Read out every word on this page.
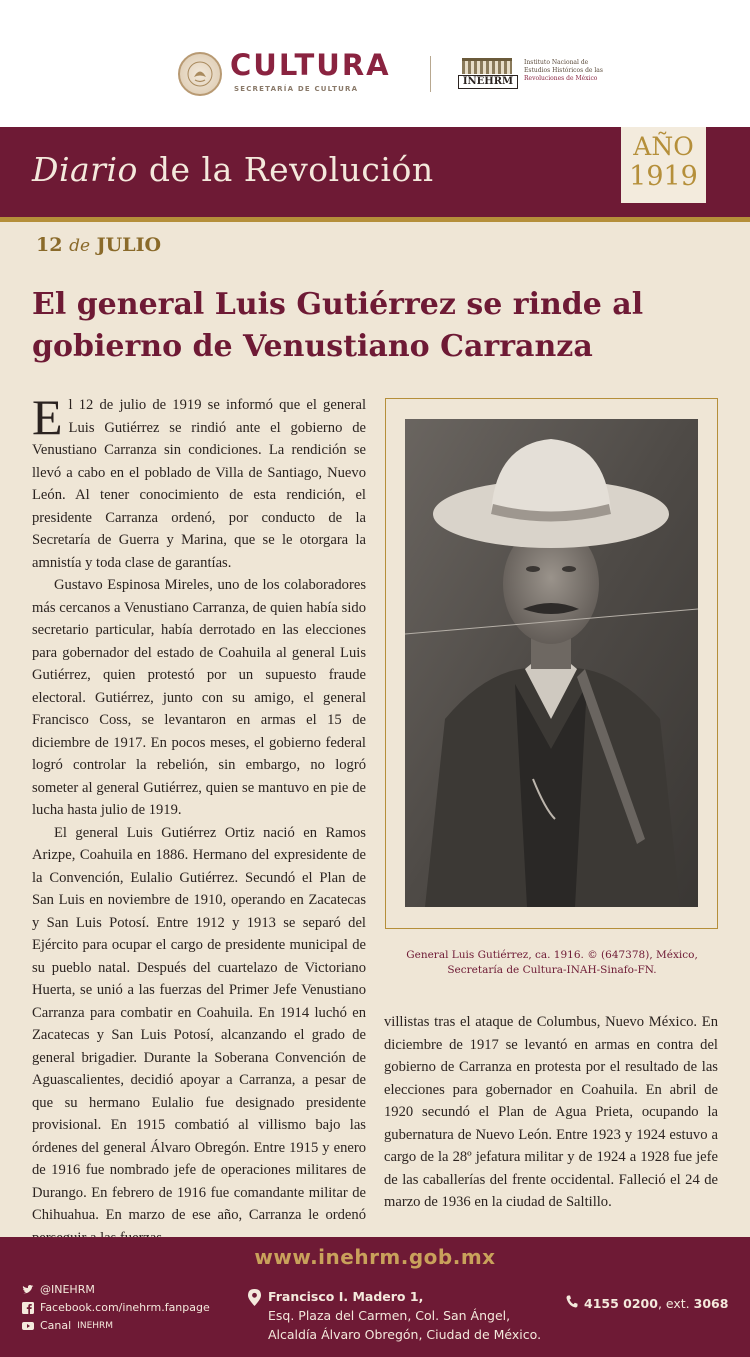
CULTURA
SECRETARÍA DE CULTURA
INEHRM
Instituto Nacional de
Estudios Históricos de las
Revoluciones de México
Diario de la Revolución
AÑO
1919
12 de JULIO
El general Luis Gutiérrez se rinde al gobierno de Venustiano Carranza

El 12 de julio de 1919 se informó que el general Luis Gutiérrez se rindió ante el gobierno de Venustiano Carranza sin condiciones. La rendición se llevó a cabo en el poblado de Villa de Santiago, Nuevo León. Al tener conocimiento de esta rendición, el presidente Carranza ordenó, por conducto de la Secretaría de Guerra y Marina, que se le otorgara la amnistía y toda clase de garantías.

Gustavo Espinosa Mireles, uno de los colaboradores más cercanos a Venustiano Carranza, de quien había sido secretario particular, había derrotado en las elecciones para gobernador del estado de Coahuila al general Luis Gutiérrez, quien protestó por un supuesto fraude electoral. Gutiérrez, junto con su amigo, el general Francisco Coss, se levantaron en armas el 15 de diciembre de 1917. En pocos meses, el gobierno federal logró controlar la rebelión, sin embargo, no logró someter al general Gutiérrez, quien se mantuvo en pie de lucha hasta julio de 1919.

El general Luis Gutiérrez Ortiz nació en Ramos Arizpe, Coahuila en 1886. Hermano del expresidente de la Convención, Eulalio Gutiérrez. Secundó el Plan de San Luis en noviembre de 1910, operando en Zacatecas y San Luis Potosí. Entre 1912 y 1913 se separó del Ejército para ocupar el cargo de presidente municipal de su pueblo natal. Después del cuartelazo de Victoriano Huerta, se unió a las fuerzas del Primer Jefe Venustiano Carranza para combatir en Coahuila. En 1914 luchó en Zacatecas y San Luis Potosí, alcanzando el grado de general brigadier. Durante la Soberana Convención de Aguascalientes, decidió apoyar a Carranza, a pesar de que su hermano Eulalio fue designado presidente provisional. En 1915 combatió al villismo bajo las órdenes del general Álvaro Obregón. Entre 1915 y enero de 1916 fue nombrado jefe de operaciones militares de Durango. En febrero de 1916 fue comandante militar de Chihuahua. En marzo de ese año, Carranza le ordenó

General Luis Gutiérrez, ca. 1916. © (647378), México,
Secretaría de Cultura-INAH-Sinafo-FN.
villistas tras el ataque de Columbus, Nuevo México. En diciembre de 1917 se levantó en armas en contra del gobierno de Carranza en protesta por el resultado de las elecciones para gobernador en Coahuila. En abril de 1920 secundó el Plan de Agua Prieta, ocupando la gubernatura de Nuevo León. Entre 1923 y 1924 estuvo a cargo de la 28º jefatura militar y de 1924 a 1928 fue jefe de las caballerías del frente occidental. Falleció el 24 de marzo de 1936 en la ciudad de Saltillo.
www.inehrm.gob.mx
@INEHRM
Facebook.com/inehrm.fanpage
Canal INEHRM
Francisco I. Madero 1,
Esq. Plaza del Carmen, Col. San Ángel,
Alcaldía Álvaro Obregón, Ciudad de México.
4155 0200, ext. 3068
